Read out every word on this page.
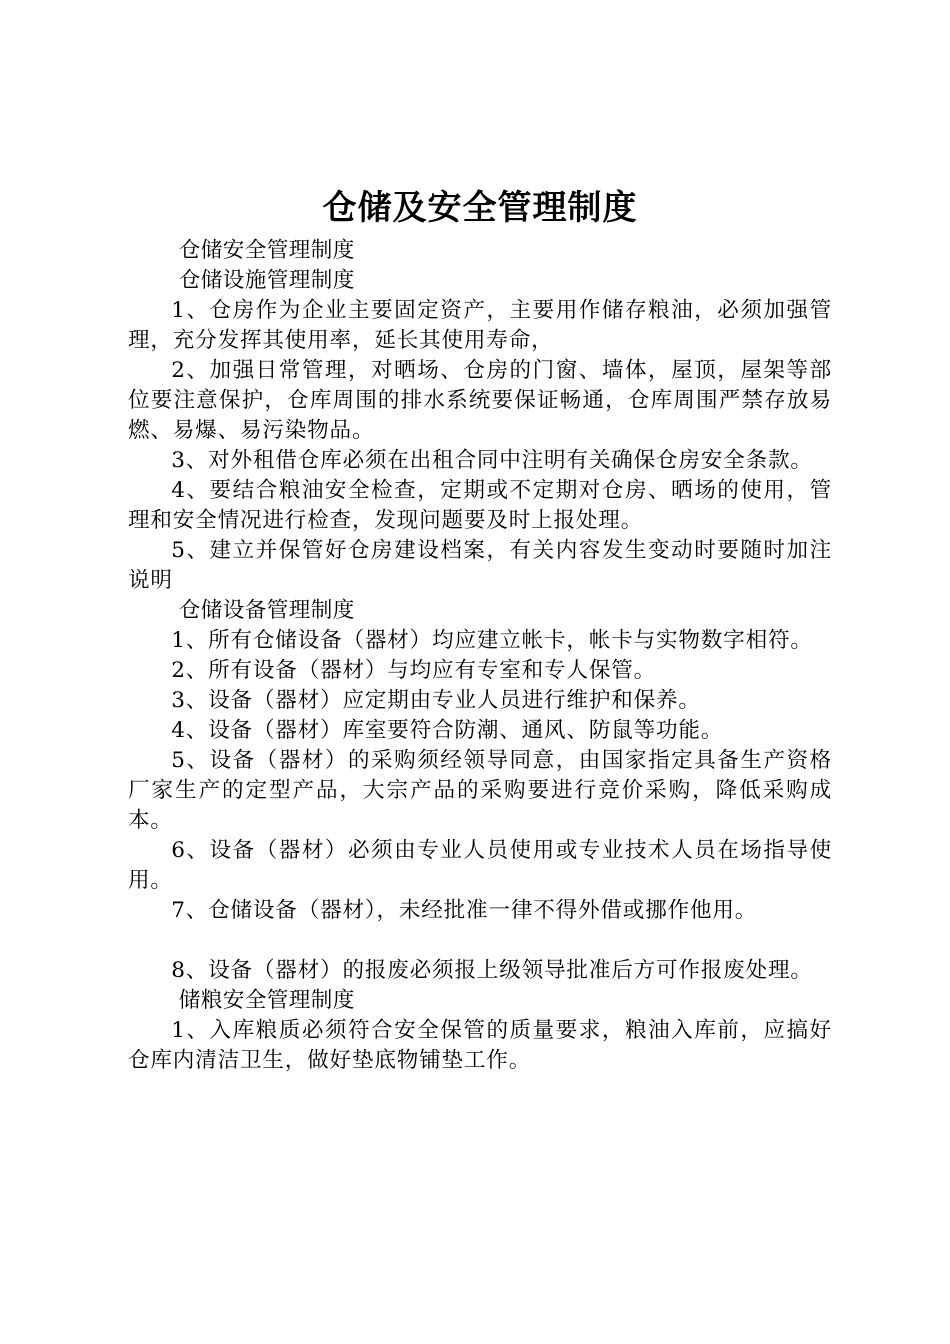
仓储及安全管理制度

仓储安全管理制度

仓储设施管理制度

1、仓房作为企业主要固定资产，主要用作储存粮油，必须加强管理，充分发挥其使用率，延长其使用寿命，

2、加强日常管理，对晒场、仓房的门窗、墙体，屋顶，屋架等部位要注意保护，仓库周围的排水系统要保证畅通，仓库周围严禁存放易燃、易爆、易污染物品。

3、对外租借仓库必须在出租合同中注明有关确保仓房安全条款。

4、要结合粮油安全检查，定期或不定期对仓房、晒场的使用，管理和安全情况进行检查，发现问题要及时上报处理。

5、建立并保管好仓房建设档案，有关内容发生变动时要随时加注说明

仓储设备管理制度

1、所有仓储设备（器材）均应建立帐卡，帐卡与实物数字相符。

2、所有设备（器材）与均应有专室和专人保管。

3、设备（器材）应定期由专业人员进行维护和保养。

4、设备（器材）库室要符合防潮、通风、防鼠等功能。

5、设备（器材）的采购须经领导同意，由国家指定具备生产资格厂家生产的定型产品，大宗产品的采购要进行竞价采购，降低采购成本。

6、设备（器材）必须由专业人员使用或专业技术人员在场指导使用。

7、仓储设备（器材），未经批准一律不得外借或挪作他用。

8、设备（器材）的报废必须报上级领导批准后方可作报废处理。

储粮安全管理制度

1、入库粮质必须符合安全保管的质量要求，粮油入库前，应搞好仓库内清洁卫生，做好垫底物铺垫工作。
